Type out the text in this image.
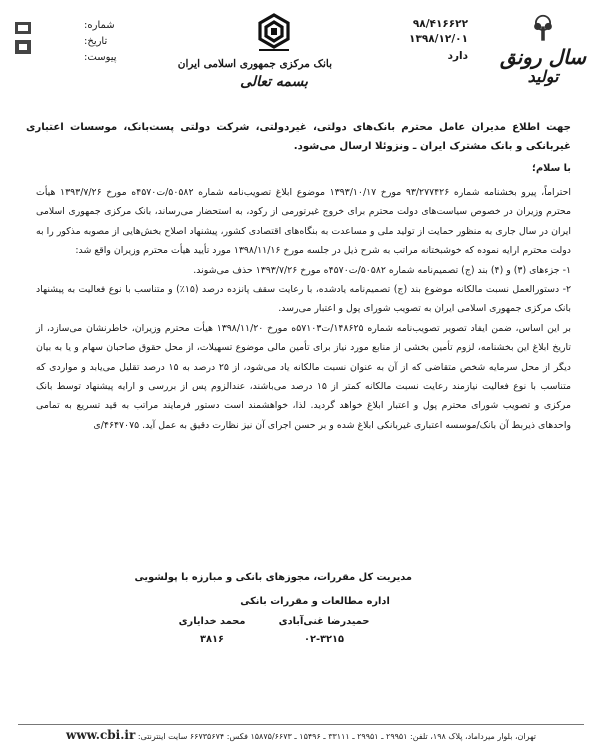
سال رونق
تولید
بانک مرکزی جمهوری اسلامی ایران
بسمه تعالی
شماره:
تاریخ:
پیوست:
۹۸/۴۱۶۶۲۲
۱۳۹۸/۱۲/۰۱
دارد
جهت اطلاع مدیران عامل محترم بانک‌های دولتی، غیردولتی، شرکت دولتی پست‌بانک، موسسات اعتباری غیربانکی و بانک مشترک ایران ـ ونزوئلا ارسال می‌شود.
با سلام؛

احتراماً، پیرو بخشنامه شماره ۹۳/۲۷۷۴۲۶ مورخ ۱۳۹۳/۱۰/۱۷ موضوع ابلاغ تصویب‌نامه شماره ۵۰۵۸۲/ت۴۵۷۰ه مورخ ۱۳۹۳/۷/۲۶ هیأت محترم وزیران در خصوص سیاست‌های دولت محترم برای خروج غیرتورمی از رکود، به استحضار می‌رساند، بانک مرکزی جمهوری اسلامی ایران در سال جاری به منظور حمایت از تولید ملی و مساعدت به بنگاه‌های اقتصادی کشور، پیشنهاد اصلاح بخش‌هایی از مصوبه مذکور را به دولت محترم ارایه نموده که خوشبختانه مراتب به شرح ذیل در جلسه مورخ ۱۳۹۸/۱۱/۱۶ مورد تأیید هیأت محترم وزیران واقع شد:

۱- جزءهای (۳) و (۴) بند (ج) تصمیم‌نامه شماره ۵۰۵۸۲/ت۴۵۷۰ه مورخ ۱۳۹۳/۷/۲۶ حذف می‌شوند.

۲- دستورالعمل نسبت مالکانه موضوع بند (ج) تصمیم‌نامه یادشده، با رعایت سقف پانزده درصد (۱۵٪) و متناسب با نوع فعالیت به پیشنهاد بانک مرکزی جمهوری اسلامی ایران به تصویب شورای پول و اعتبار می‌رسد.

بر این اساس، ضمن ایفاد تصویر تصویب‌نامه شماره ۱۴۸۶۲۵/ت۵۷۱۰۳ه مورخ ۱۳۹۸/۱۱/۲۰ هیأت محترم وزیران، خاطرنشان می‌سازد، از تاریخ ابلاغ این بخشنامه، لزوم تأمین بخشی از منابع مورد نیاز برای تأمین مالی موضوع تسهیلات، از محل حقوق صاحبان سهام و یا به بیان دیگر از محل سرمایه شخص متقاضی که از آن به عنوان نسبت مالکانه یاد می‌شود، از ۲۵ درصد به ۱۵ درصد تقلیل می‌یابد و مواردی که متناسب با نوع فعالیت نیازمند رعایت نسبت مالکانه کمتر از ۱۵ درصد می‌باشند، عندالزوم پس از بررسی و ارایه پیشنهاد توسط بانک مرکزی و تصویب شورای محترم پول و اعتبار ابلاغ خواهد گردید. لذا، خواهشمند است دستور فرمایند مراتب به قید تسریع به تمامی واحدهای ذیربط آن بانک/موسسه اعتباری غیربانکی ابلاغ شده و بر حسن اجرای آن نیز نظارت دقیق به عمل آید. ۴۶۴۷۰۷۵/ی

مدیریت کل مقررات، مجوزهای بانکی و مبارزه با پولشویی
اداره مطالعات و مقررات بانکی
حمیدرضا غنی‌آبادی
محمد خدایاری
۰۲-۳۲۱۵
۳۸۱۶
تهران، بلوار میرداماد، پلاک ۱۹۸، تلفن: ۲۹۹۵۱ ـ ۲۹۹۵۱ ـ ۳۳۱۱۱ ـ ۱۵۴۹۶ ـ ۱۵۸۷۵/۶۶۷۳ فکس: ۶۶۷۳۵۶۷۴ سایت اینترنتی: www.cbi.ir
